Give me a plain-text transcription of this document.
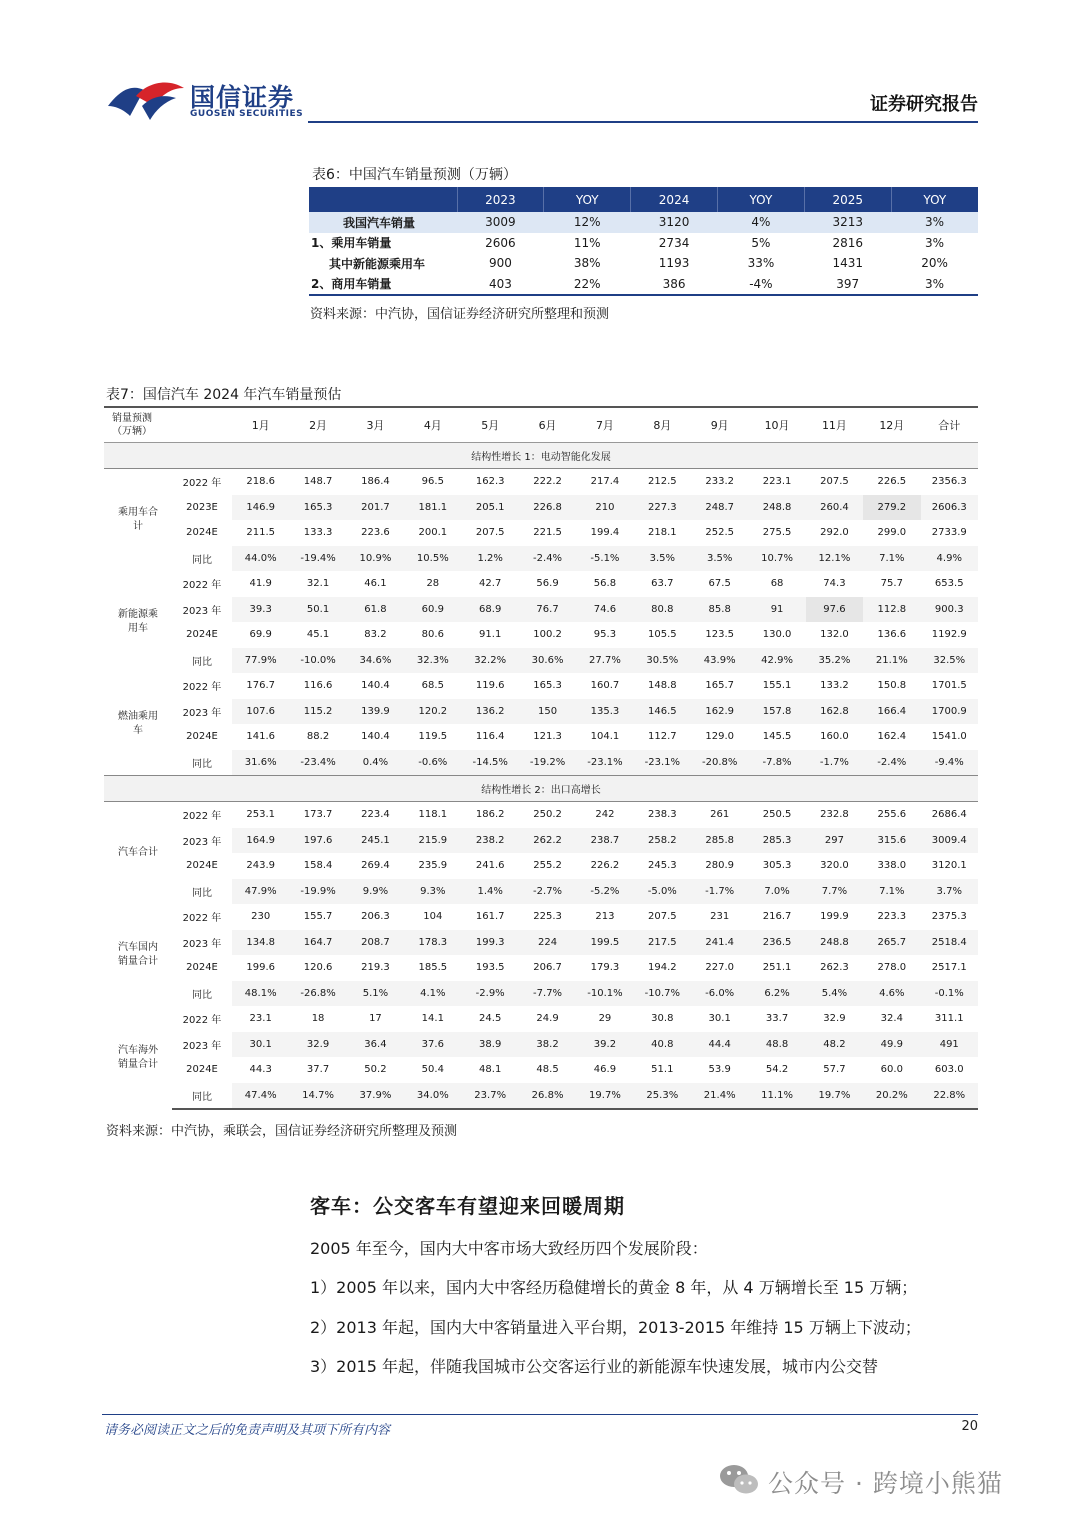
国信证券
GUOSEN SECURITIES	证券研究报告
表6：中国汽车销量预测（万辆）
	2023	YOY	2024	YOY	2025	YOY
我国汽车销量	3009	12%	3120	4%	3213	3%
1、乘用车销量	2606	11%	2734	5%	2816	3%
其中新能源乘用车	900	38%	1193	33%	1431	20%
2、商用车销量	403	22%	386	-4%	397	3%
资料来源：中汽协，国信证券经济研究所整理和预测
表7：国信汽车 2024 年汽车销量预估
销量预测
（万辆）		1月	2月	3月	4月	5月	6月	7月	8月	9月	10月	11月	12月	合计
结构性增长 1：电动智能化发展														

乘用车合
计	2022 年	218.6	148.7	186.4	96.5	162.3	222.2	217.4	212.5	233.2	223.1	207.5	226.5	2356.3
	2023E	146.9	165.3	201.7	181.1	205.1	226.8	210	227.3	248.7	248.8	260.4	279.2	2606.3
	2024E	211.5	133.3	223.6	200.1	207.5	221.5	199.4	218.1	252.5	275.5	292.0	299.0	2733.9
	同比	44.0%	-19.4%	10.9%	10.5%	1.2%	-2.4%	-5.1%	3.5%	3.5%	10.7%	12.1%	7.1%	4.9%

新能源乘
用车	2022 年	41.9	32.1	46.1	28	42.7	56.9	56.8	63.7	67.5	68	74.3	75.7	653.5
	2023 年	39.3	50.1	61.8	60.9	68.9	76.7	74.6	80.8	85.8	91	97.6	112.8	900.3
	2024E	69.9	45.1	83.2	80.6	91.1	100.2	95.3	105.5	123.5	130.0	132.0	136.6	1192.9
	同比	77.9%	-10.0%	34.6%	32.3%	32.2%	30.6%	27.7%	30.5%	43.9%	42.9%	35.2%	21.1%	32.5%

燃油乘用
车	2022 年	176.7	116.6	140.4	68.5	119.6	165.3	160.7	148.8	165.7	155.1	133.2	150.8	1701.5
	2023 年	107.6	115.2	139.9	120.2	136.2	150	135.3	146.5	162.9	157.8	162.8	166.4	1700.9
	2024E	141.6	88.2	140.4	119.5	116.4	121.3	104.1	112.7	129.0	145.5	160.0	162.4	1541.0
	同比	31.6%	-23.4%	0.4%	-0.6%	-14.5%	-19.2%	-23.1%	-23.1%	-20.8%	-7.8%	-1.7%	-2.4%	-9.4%
结构性增长 2：出口高增长														

汽车合计	2022 年	253.1	173.7	223.4	118.1	186.2	250.2	242	238.3	261	250.5	232.8	255.6	2686.4
	2023 年	164.9	197.6	245.1	215.9	238.2	262.2	238.7	258.2	285.8	285.3	297	315.6	3009.4
	2024E	243.9	158.4	269.4	235.9	241.6	255.2	226.2	245.3	280.9	305.3	320.0	338.0	3120.1
	同比	47.9%	-19.9%	9.9%	9.3%	1.4%	-2.7%	-5.2%	-5.0%	-1.7%	7.0%	7.7%	7.1%	3.7%

汽车国内
销量合计	2022 年	230	155.7	206.3	104	161.7	225.3	213	207.5	231	216.7	199.9	223.3	2375.3
	2023 年	134.8	164.7	208.7	178.3	199.3	224	199.5	217.5	241.4	236.5	248.8	265.7	2518.4
	2024E	199.6	120.6	219.3	185.5	193.5	206.7	179.3	194.2	227.0	251.1	262.3	278.0	2517.1
	同比	48.1%	-26.8%	5.1%	4.1%	-2.9%	-7.7%	-10.1%	-10.7%	-6.0%	6.2%	5.4%	4.6%	-0.1%

汽车海外
销量合计	2022 年	23.1	18	17	14.1	24.5	24.9	29	30.8	30.1	33.7	32.9	32.4	311.1
	2023 年	30.1	32.9	36.4	37.6	38.9	38.2	39.2	40.8	44.4	48.8	48.2	49.9	491
	2024E	44.3	37.7	50.2	50.4	48.1	48.5	46.9	51.1	53.9	54.2	57.7	60.0	603.0
	同比	47.4%	14.7%	37.9%	34.0%	23.7%	26.8%	19.7%	25.3%	21.4%	11.1%	19.7%	20.2%	22.8%
资料来源：中汽协，乘联会，国信证券经济研究所整理及预测
客车：公交客车有望迎来回暖周期
2005 年至今，国内大中客市场大致经历四个发展阶段：
1）2005 年以来，国内大中客经历稳健增长的黄金 8 年，从 4 万辆增长至 15 万辆；
2）2013 年起，国内大中客销量进入平台期，2013-2015 年维持 15 万辆上下波动；
3）2015 年起，伴随我国城市公交客运行业的新能源车快速发展，城市内公交替
请务必阅读正文之后的免责声明及其项下所有内容	20
公众号 · 跨境小熊猫
